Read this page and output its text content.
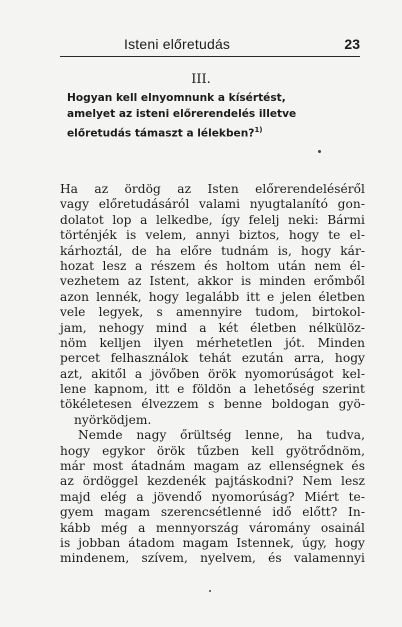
Isteni előretudás	23
III.
Hogyan kell elnyomnunk a kísértést,
amelyet az isteni előrerendelés illetve
előretudás támaszt a lélekben?$^{1)}$
Ha az ördög az Isten előrerendeléséről
vagy előretudásáról valami nyugtalanító gon-
dolatot lop a lelkedbe, így felelj neki: Bármi
történjék is velem, annyi biztos, hogy te el-
kárhoztál, de ha előre tudnám is, hogy kár-
hozat lesz a részem és holtom után nem él-
vezhetem az Istent, akkor is minden erőmből
azon lennék, hogy legalább itt e jelen életben
vele legyek, s amennyire tudom, birtokol-
jam, nehogy mind a két életben nélkülöz-
nöm kelljen ilyen mérhetetlen jót. Minden
percet felhasználok tehát ezután arra, hogy
azt, akitől a jövőben örök nyomorúságot kel-
lene kapnom, itt e földön a lehetőség szerint
tökéletesen élvezzem s benne boldogan gyö-
nyörködjem.
Nemde nagy őrültség lenne, ha tudva,
hogy egykor örök tűzben kell gyötrődnöm,
már most átadnám magam az ellenségnek és
az ördöggel kezdenék pajtáskodni? Nem lesz
majd elég a jövendő nyomorúság? Miért te-
gyem magam szerencsétlenné idő előtt? In-
kább még a mennyország váromány osainál
is jobban átadom magam Istennek, úgy, hogy
mindenem, szívem, nyelvem, és valamennyi
